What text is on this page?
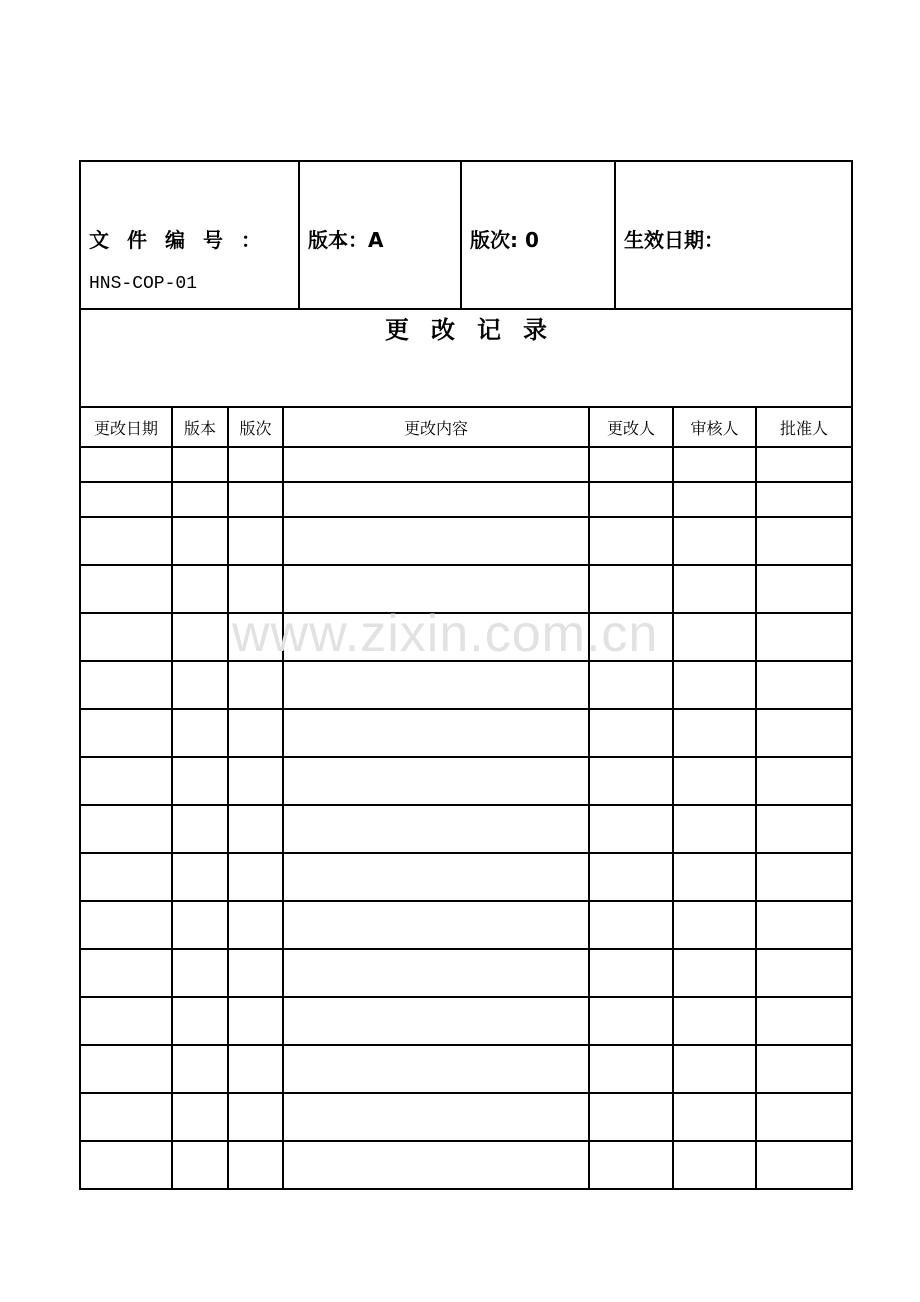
文件编号：
HNS-COP-01

版本：A	版次: 0	生效日期：

更改记录
更改日期	版本	版次	更改内容	更改人	审核人	批准人

www.zixin.com.cn
